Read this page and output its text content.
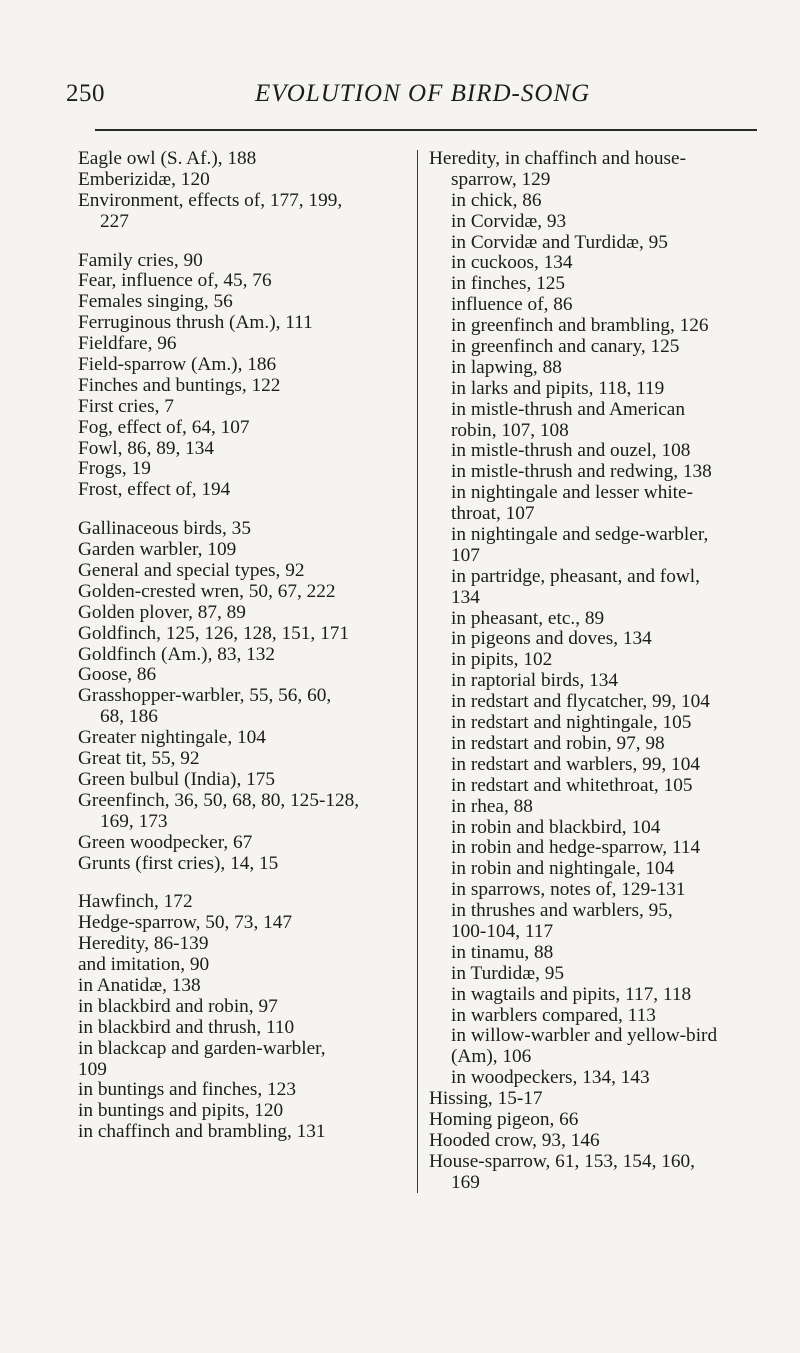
250	EVOLUTION OF BIRD-SONG
Eagle owl (S. Af.), 188
Emberizidæ, 120
Environment, effects of, 177, 199,
227
Family cries, 90
Fear, influence of, 45, 76
Females singing, 56
Ferruginous thrush (Am.), 111
Fieldfare, 96
Field-sparrow (Am.), 186
Finches and buntings, 122
First cries, 7
Fog, effect of, 64, 107
Fowl, 86, 89, 134
Frogs, 19
Frost, effect of, 194
Gallinaceous birds, 35
Garden warbler, 109
General and special types, 92
Golden-crested wren, 50, 67, 222
Golden plover, 87, 89
Goldfinch, 125, 126, 128, 151, 171
Goldfinch (Am.), 83, 132
Goose, 86
Grasshopper-warbler, 55, 56, 60,
68, 186
Greater nightingale, 104
Great tit, 55, 92
Green bulbul (India), 175
Greenfinch, 36, 50, 68, 80, 125-128,
169, 173
Green woodpecker, 67
Grunts (first cries), 14, 15
Hawfinch, 172
Hedge-sparrow, 50, 73, 147
Heredity, 86-139
and imitation, 90
in Anatidæ, 138
in blackbird and robin, 97
in blackbird and thrush, 110
in blackcap and garden-warbler,
109
in buntings and finches, 123
in buntings and pipits, 120
in chaffinch and brambling, 131
Heredity, in chaffinch and house-
sparrow, 129
in chick, 86
in Corvidæ, 93
in Corvidæ and Turdidæ, 95
in cuckoos, 134
in finches, 125
influence of, 86
in greenfinch and brambling, 126
in greenfinch and canary, 125
in lapwing, 88
in larks and pipits, 118, 119
in mistle-thrush and American
robin, 107, 108
in mistle-thrush and ouzel, 108
in mistle-thrush and redwing, 138
in nightingale and lesser white-
throat, 107
in nightingale and sedge-warbler,
107
in partridge, pheasant, and fowl,
134
in pheasant, etc., 89
in pigeons and doves, 134
in pipits, 102
in raptorial birds, 134
in redstart and flycatcher, 99, 104
in redstart and nightingale, 105
in redstart and robin, 97, 98
in redstart and warblers, 99, 104
in redstart and whitethroat, 105
in rhea, 88
in robin and blackbird, 104
in robin and hedge-sparrow, 114
in robin and nightingale, 104
in sparrows, notes of, 129-131
in thrushes and warblers, 95,
100-104, 117
in tinamu, 88
in Turdidæ, 95
in wagtails and pipits, 117, 118
in warblers compared, 113
in willow-warbler and yellow-bird
(Am), 106
in woodpeckers, 134, 143
Hissing, 15-17
Homing pigeon, 66
Hooded crow, 93, 146
House-sparrow, 61, 153, 154, 160,
169
